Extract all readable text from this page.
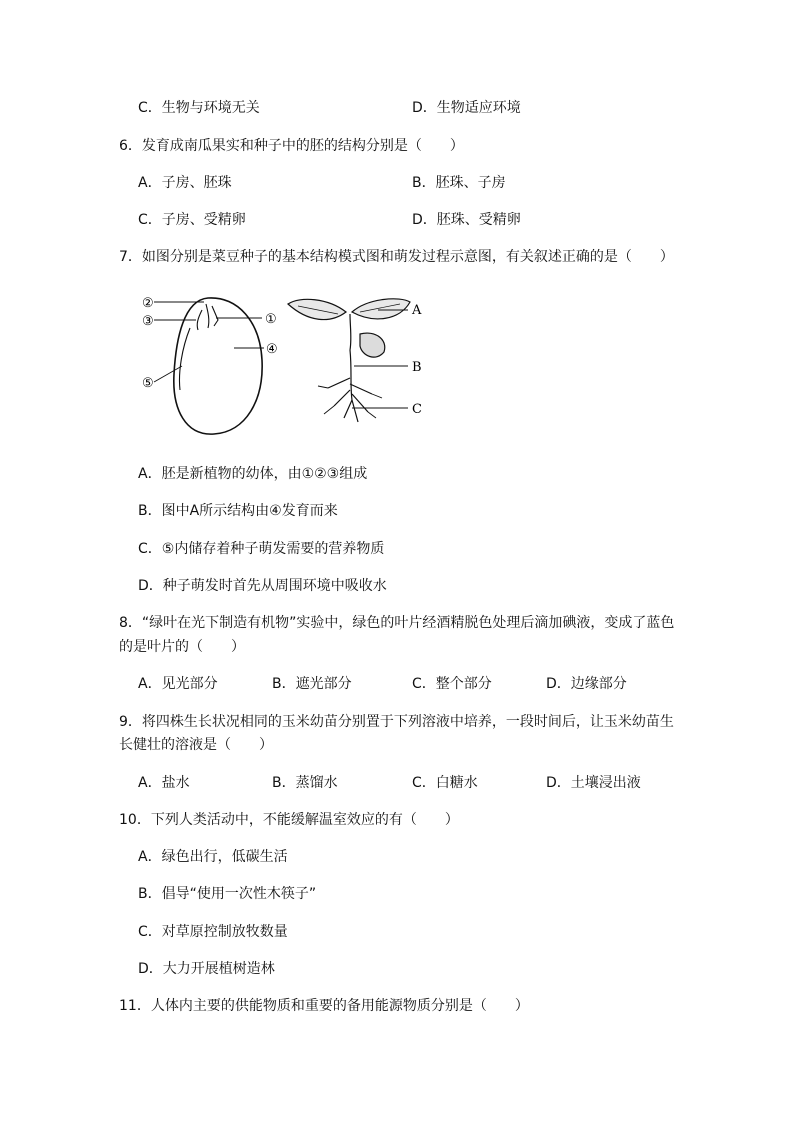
C．生物与环境无关	D．生物适应环境
6．发育成南瓜果实和种子中的胚的结构分别是（　　）
A．子房、胚珠	B．胚珠、子房
C．子房、受精卵	D．胚珠、受精卵
7．如图分别是菜豆种子的基本结构模式图和萌发过程示意图，有关叙述正确的是（　　）
②
③	①
④
⑤
A
B
C
A．胚是新植物的幼体，由①②③组成
B．图中A所示结构由④发育而来
C．⑤内储存着种子萌发需要的营养物质
D．种子萌发时首先从周围环境中吸收水
8．“绿叶在光下制造有机物”实验中，绿色的叶片经酒精脱色处理后滴加碘液，变成了蓝色
的是叶片的（　　）
A．见光部分	B．遮光部分	C．整个部分	D．边缘部分
9．将四株生长状况相同的玉米幼苗分别置于下列溶液中培养，一段时间后，让玉米幼苗生
长健壮的溶液是（　　）
A．盐水	B．蒸馏水	C．白糖水	D．土壤浸出液
10．下列人类活动中，不能缓解温室效应的有（　　）
A．绿色出行，低碳生活
B．倡导“使用一次性木筷子”
C．对草原控制放牧数量
D．大力开展植树造林
11．人体内主要的供能物质和重要的备用能源物质分别是（　　）
